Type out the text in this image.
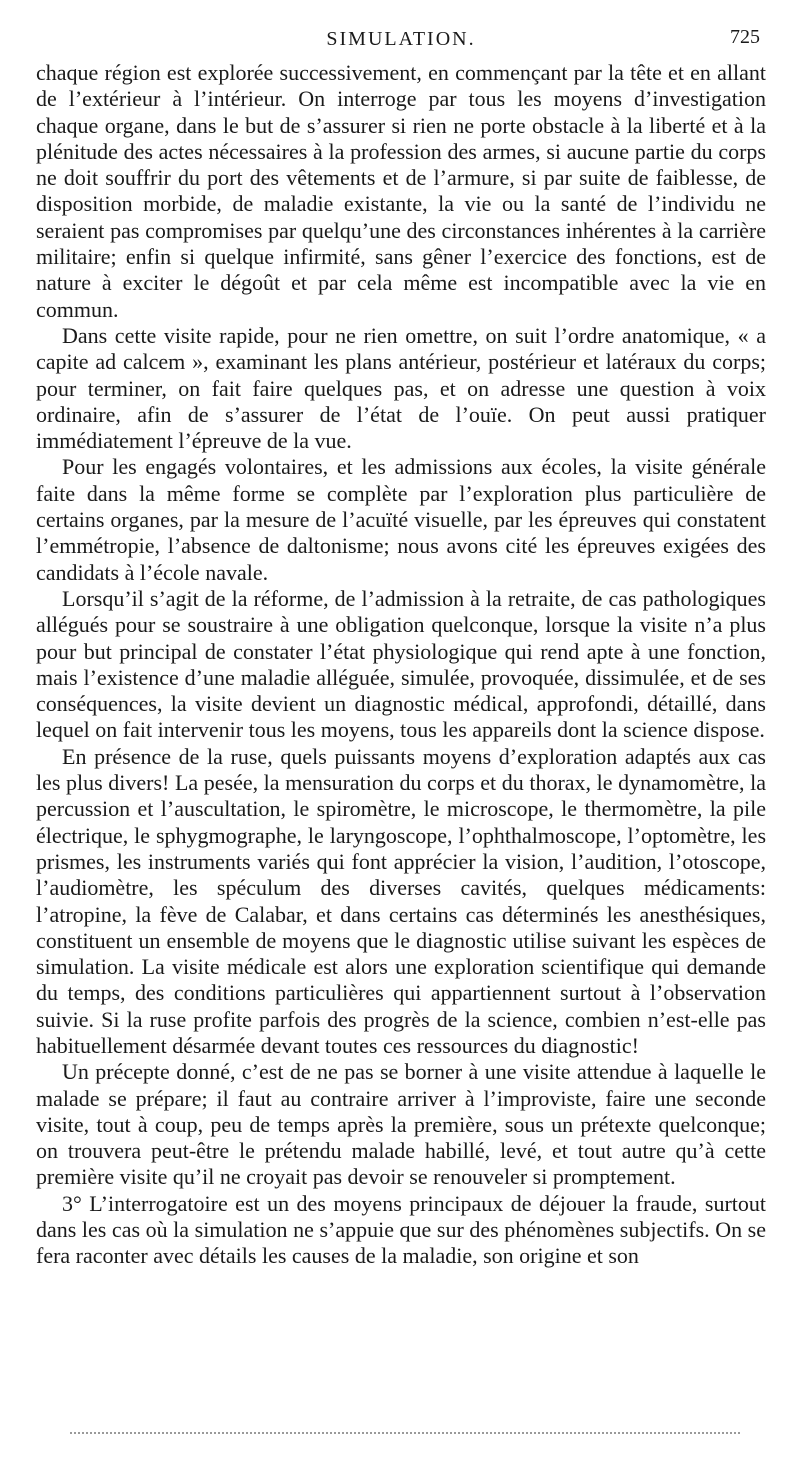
SIMULATION.	725

chaque région est explorée successivement, en commençant par la tête et en allant de l’extérieur à l’intérieur. On interroge par tous les moyens d’investigation chaque organe, dans le but de s’assurer si rien ne porte obstacle à la liberté et à la plénitude des actes nécessaires à la profession des armes, si aucune partie du corps ne doit souffrir du port des vêtements et de l’armure, si par suite de faiblesse, de disposition morbide, de maladie existante, la vie ou la santé de l’individu ne seraient pas compromises par quelqu’une des circonstances inhérentes à la carrière militaire; enfin si quelque infirmité, sans gêner l’exercice des fonctions, est de nature à exciter le dégoût et par cela même est incompatible avec la vie en commun.

Dans cette visite rapide, pour ne rien omettre, on suit l’ordre anatomique, « a capite ad calcem », examinant les plans antérieur, postérieur et latéraux du corps; pour terminer, on fait faire quelques pas, et on adresse une question à voix ordinaire, afin de s’assurer de l’état de l’ouïe. On peut aussi pratiquer immédiatement l’épreuve de la vue.

Pour les engagés volontaires, et les admissions aux écoles, la visite générale faite dans la même forme se complète par l’exploration plus particulière de certains organes, par la mesure de l’acuïté visuelle, par les épreuves qui constatent l’emmétropie, l’absence de daltonisme; nous avons cité les épreuves exigées des candidats à l’école navale.

Lorsqu’il s’agit de la réforme, de l’admission à la retraite, de cas pathologiques allégués pour se soustraire à une obligation quelconque, lorsque la visite n’a plus pour but principal de constater l’état physiologique qui rend apte à une fonction, mais l’existence d’une maladie alléguée, simulée, provoquée, dissimulée, et de ses conséquences, la visite devient un diagnostic médical, approfondi, détaillé, dans lequel on fait intervenir tous les moyens, tous les appareils dont la science dispose.

En présence de la ruse, quels puissants moyens d’exploration adaptés aux cas les plus divers! La pesée, la mensuration du corps et du thorax, le dynamomètre, la percussion et l’auscultation, le spiromètre, le microscope, le thermomètre, la pile électrique, le sphygmographe, le laryngoscope, l’ophthalmoscope, l’optomètre, les prismes, les instruments variés qui font apprécier la vision, l’audition, l’otoscope, l’audiomètre, les spéculum des diverses cavités, quelques médicaments: l’atropine, la fève de Calabar, et dans certains cas déterminés les anesthésiques, constituent un ensemble de moyens que le diagnostic utilise suivant les espèces de simulation. La visite médicale est alors une exploration scientifique qui demande du temps, des conditions particulières qui appartiennent surtout à l’observation suivie. Si la ruse profite parfois des progrès de la science, combien n’est-elle pas habituellement désarmée devant toutes ces ressources du diagnostic!

Un précepte donné, c’est de ne pas se borner à une visite attendue à laquelle le malade se prépare; il faut au contraire arriver à l’improviste, faire une seconde visite, tout à coup, peu de temps après la première, sous un prétexte quelconque; on trouvera peut-être le prétendu malade habillé, levé, et tout autre qu’à cette première visite qu’il ne croyait pas devoir se renouveler si promptement.

3° L’interrogatoire est un des moyens principaux de déjouer la fraude, surtout dans les cas où la simulation ne s’appuie que sur des phénomènes subjectifs. On se fera raconter avec détails les causes de la maladie, son origine et son
